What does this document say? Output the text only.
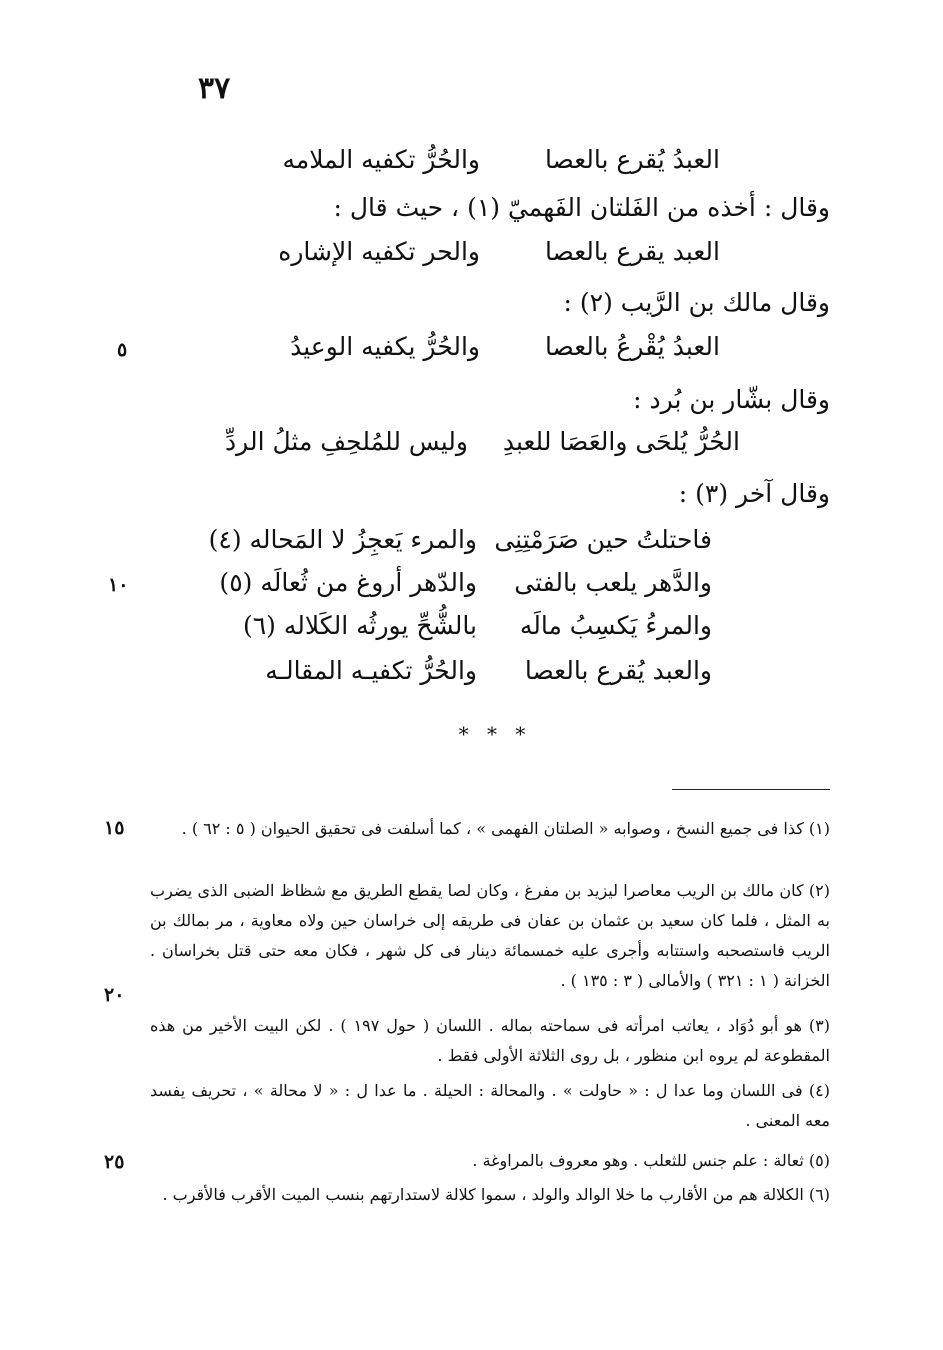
٣٧
العبدُ يُقرع بالعصا
والحُرُّ تكفيه الملامه
وقال : أخذه من الفَلتان الفَهميّ (١) ، حيث قال :
العبد يقرع بالعصا
والحر تكفيه الإشاره
وقال مالك بن الرَّيب (٢) :
العبدُ يُقْرعُ بالعصا
والحُرُّ يكفيه الوعيدُ
٥
وقال بشّار بن بُرد :
الحُرُّ يُلحَى والعَصَا للعبدِ
وليس للمُلحِفِ مثلُ الردِّ
وقال آخر (٣) :
فاحتلتُ حين صَرَمْتِنِى
والمرء يَعجِزُ لا المَحاله (٤)
والدَّهر يلعب بالفتى
والدّهر أروغ من ثُعالَه (٥)
١٠
والمرءُ يَكسِبُ مالَه
بالشُّحِّ يورثُه الكَلاله (٦)
والعبد يُقرع بالعصا
والحُرُّ تكفيـه المقالـه
* * *
(١) كذا فى جميع النسخ ، وصوابه « الصلتان الفهمى » ، كما أسلفت فى تحقيق الحيوان ( ٥ : ٦٢ ) .
(٢) كان مالك بن الريب معاصرا ليزيد بن مفرغ ، وكان لصا يقطع الطريق مع شظاظ الضبى الذى يضرب به المثل ، فلما كان سعيد بن عثمان بن عفان فى طريقه إلى خراسان حين ولاه معاوية ، مر بمالك بن الريب فاستصحبه واستتابه وأجرى عليه خمسمائة دينار فى كل شهر ، فكان معه حتى قتل بخراسان . الخزانة ( ١ : ٣٢١ ) والأمالى ( ٣ : ١٣٥ ) .
(٣) هو أبو دُوَاد ، يعاتب امرأته فى سماحته بماله . اللسان ( حول ١٩٧ ) . لكن البيت الأخير من هذه المقطوعة لم يروه ابن منظور ، بل روى الثلاثة الأولى فقط .
(٤) فى اللسان وما عدا ل : « حاولت » . والمحالة : الحيلة . ما عدا ل : « لا محالة » ، تحريف يفسد معه المعنى .
(٥) ثعالة : علم جنس للثعلب . وهو معروف بالمراوغة .
(٦) الكلالة هم من الأقارب ما خلا الوالد والولد ، سموا كلالة لاستدارتهم بنسب الميت الأقرب فالأقرب .
١٥
٢٠
٢٥
